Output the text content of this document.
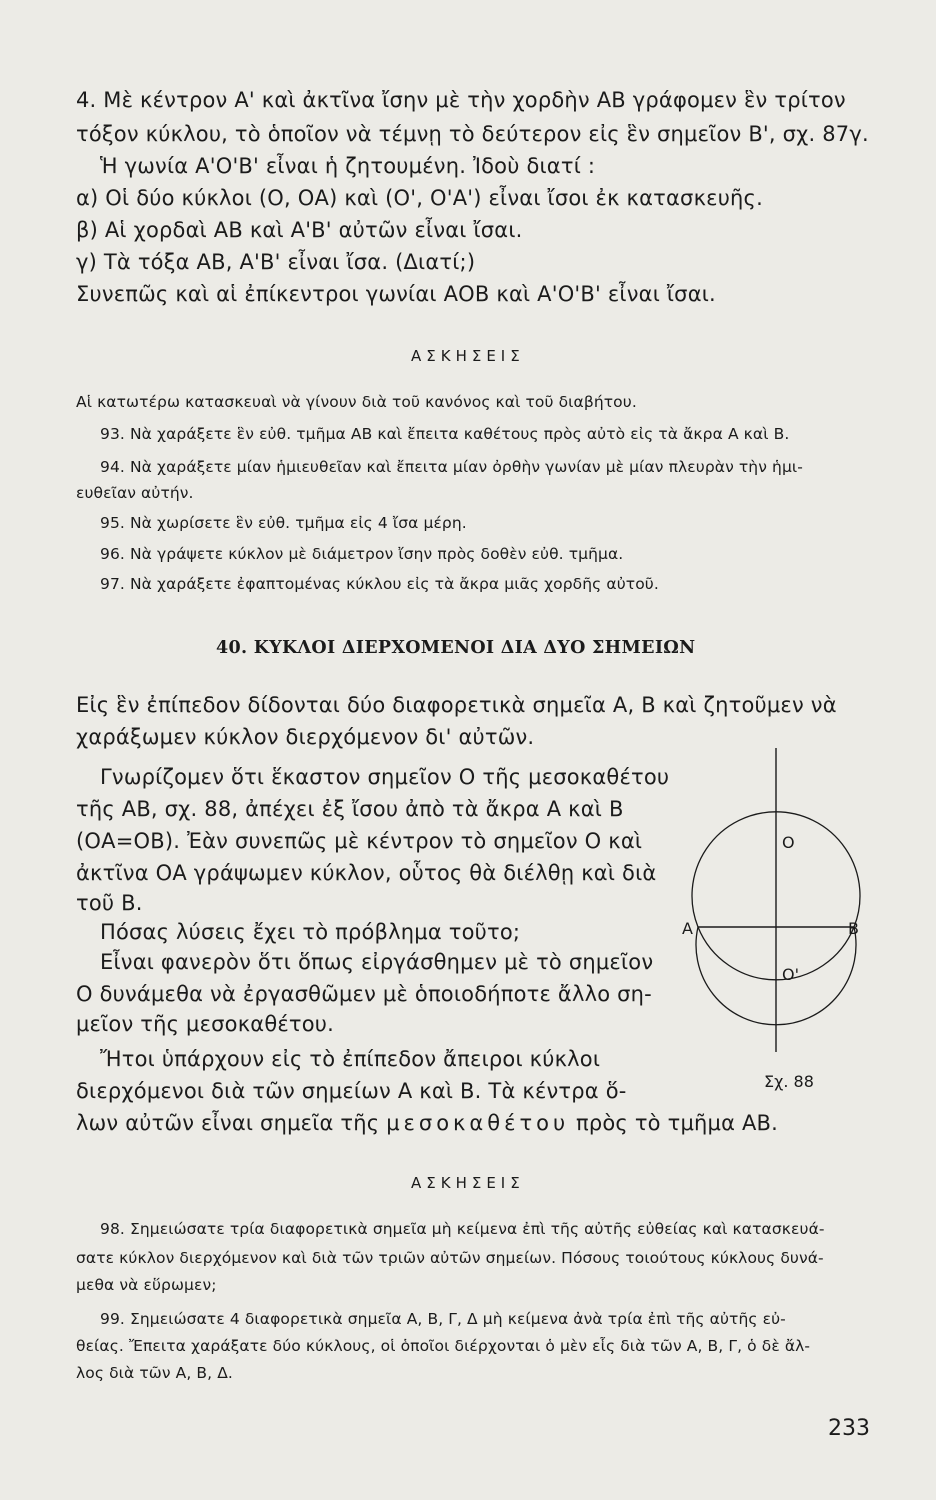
4. Μὲ κέντρον Α' καὶ ἀκτῖνα ἴσην μὲ τὴν χορδὴν ΑΒ γράφομεν ἓν τρίτον
τόξον κύκλου, τὸ ὁποῖον νὰ τέμνῃ τὸ δεύτερον εἰς ἓν σημεῖον Β', σχ. 87γ.
Ἡ γωνία Α'Ο'Β' εἶναι ἡ ζητουμένη. Ἰδοὺ διατί :
α) Οἱ δύο κύκλοι (Ο, ΟΑ) καὶ (Ο', Ο'Α') εἶναι ἴσοι ἐκ κατασκευῆς.
β) Αἱ χορδαὶ ΑΒ καὶ Α'Β' αὐτῶν εἶναι ἴσαι.
γ) Τὰ τόξα ΑΒ, Α'Β' εἶναι ἴσα. (Διατί;)
Συνεπῶς καὶ αἱ ἐπίκεντροι γωνίαι ΑΟΒ καὶ Α'Ο'Β' εἶναι ἴσαι.
ΑΣΚΗΣΕΙΣ
Αἱ κατωτέρω κατασκευαὶ νὰ γίνουν διὰ τοῦ κανόνος καὶ τοῦ διαβήτου.
93. Νὰ χαράξετε ἓν εὐθ. τμῆμα ΑΒ καὶ ἔπειτα καθέτους πρὸς αὐτὸ εἰς τὰ ἄκρα Α καὶ Β.
94. Νὰ χαράξετε μίαν ἡμιευθεῖαν καὶ ἔπειτα μίαν ὀρθὴν γωνίαν μὲ μίαν πλευρὰν τὴν ἡμι-
ευθεῖαν αὐτήν.
95. Νὰ χωρίσετε ἓν εὐθ. τμῆμα εἰς 4 ἴσα μέρη.
96. Νὰ γράψετε κύκλον μὲ διάμετρον ἴσην πρὸς δοθὲν εὐθ. τμῆμα.
97. Νὰ χαράξετε ἐφαπτομένας κύκλου εἰς τὰ ἄκρα μιᾶς χορδῆς αὐτοῦ.
40. ΚΥΚΛΟΙ ΔΙΕΡΧΟΜΕΝΟΙ ΔΙΑ ΔΥΟ ΣΗΜΕΙΩΝ
Εἰς ἓν ἐπίπεδον δίδονται δύο διαφορετικὰ σημεῖα Α, Β καὶ ζητοῦμεν νὰ
χαράξωμεν κύκλον διερχόμενον δι' αὐτῶν.
Γνωρίζομεν ὅτι ἕκαστον σημεῖον Ο τῆς μεσοκαθέτου
τῆς ΑΒ, σχ. 88, ἀπέχει ἐξ ἴσου ἀπὸ τὰ ἄκρα Α καὶ Β
(ΟΑ=ΟΒ). Ἐὰν συνεπῶς μὲ κέντρον τὸ σημεῖον Ο καὶ
ἀκτῖνα ΟΑ γράψωμεν κύκλον, οὗτος θὰ διέλθῃ καὶ διὰ
τοῦ Β.
Πόσας λύσεις ἔχει τὸ πρόβλημα τοῦτο;
Εἶναι φανερὸν ὅτι ὅπως εἰργάσθημεν μὲ τὸ σημεῖον
Ο δυνάμεθα νὰ ἐργασθῶμεν μὲ ὁποιοδήποτε ἄλλο ση-
μεῖον τῆς μεσοκαθέτου.
Ἤτοι ὑπάρχουν εἰς τὸ ἐπίπεδον ἄπειροι κύκλοι
διερχόμενοι διὰ τῶν σημείων Α καὶ Β. Τὰ κέντρα ὅ-
λων αὐτῶν εἶναι σημεῖα τῆς μεσοκαθέτου πρὸς τὸ τμῆμα ΑΒ.
O
O'
A	B
Σχ. 88
ΑΣΚΗΣΕΙΣ
98. Σημειώσατε τρία διαφορετικὰ σημεῖα μὴ κείμενα ἐπὶ τῆς αὐτῆς εὐθείας καὶ κατασκευά-
σατε κύκλον διερχόμενον καὶ διὰ τῶν τριῶν αὐτῶν σημείων. Πόσους τοιούτους κύκλους δυνά-
μεθα νὰ εὕρωμεν;
99. Σημειώσατε 4 διαφορετικὰ σημεῖα Α, Β, Γ, Δ μὴ κείμενα ἀνὰ τρία ἐπὶ τῆς αὐτῆς εὐ-
θείας. Ἔπειτα χαράξατε δύο κύκλους, οἱ ὁποῖοι διέρχονται ὁ μὲν εἷς διὰ τῶν Α, Β, Γ, ὁ δὲ ἄλ-
λος διὰ τῶν Α, Β, Δ.
233
